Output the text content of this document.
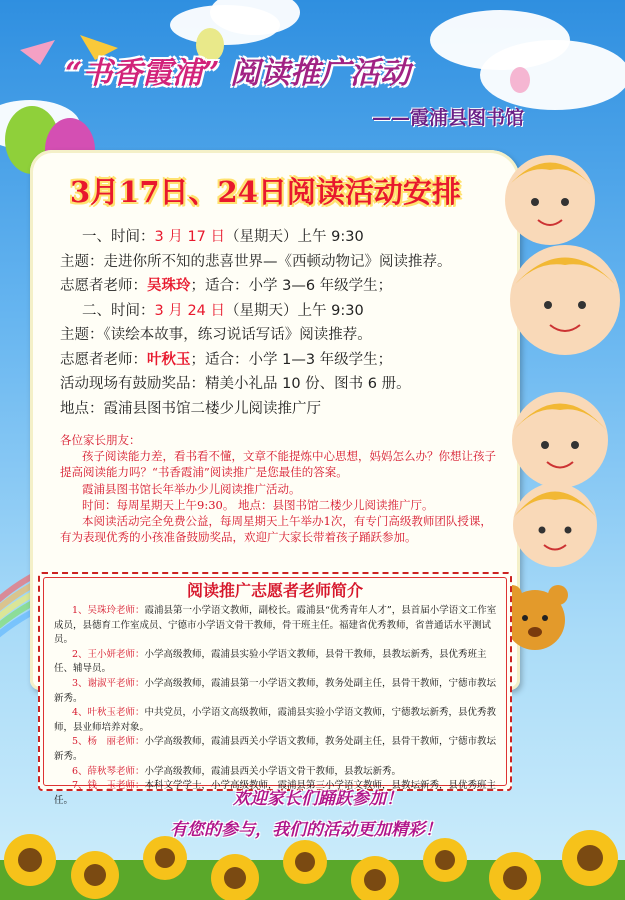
“书香霞浦” 阅读推广活动
——霞浦县图书馆
3月17日、24日阅读活动安排
一、时间：3 月 17 日（星期天）上午 9:30
主题：走进你所不知的悲喜世界—《西顿动物记》阅读推荐。
志愿者老师：吴珠玲；适合：小学 3—6 年级学生；
二、时间：3 月 24 日（星期天）上午 9:30
主题：《读绘本故事，练习说话写话》阅读推荐。
志愿者老师：叶秋玉；适合：小学 1—3 年级学生；
活动现场有鼓励奖品：精美小礼品 10 份、图书 6 册。
地点：霞浦县图书馆二楼少儿阅读推广厅
各位家长朋友：
孩子阅读能力差，看书看不懂，文章不能提炼中心思想，妈妈怎么办？你想让孩子提高阅读能力吗？“书香霞浦”阅读推广是您最佳的答案。
霞浦县图书馆长年举办少儿阅读推广活动。
时间：每周星期天上午9:30。 地点：县图书馆二楼少儿阅读推广厅。
本阅读活动完全免费公益，每周星期天上午举办1次，有专门高级教师团队授课，有为表现优秀的小孩准备鼓励奖品，欢迎广大家长带着孩子踊跃参加。
阅读推广志愿者老师简介
1、吴珠玲老师：霞浦县第一小学语文教师，副校长。霞浦县“优秀青年人才”，县首届小学语文工作室成员，县德育工作室成员、宁德市小学语文骨干教师，骨干班主任。福建省优秀教师，省普通话水平测试员。
2、王小妍老师：小学高级教师，霞浦县实验小学语文教师，县骨干教师，县教坛新秀，县优秀班主任、辅导员。
3、谢淑平老师：小学高级教师，霞浦县第一小学语文教师，教务处副主任，县骨干教师，宁德市教坛新秀。
4、叶秋玉老师：中共党员，小学语文高级教师，霞浦县实验小学语文教师，宁德教坛新秀，县优秀教师，县业师培养对象。
5、杨　丽老师：小学高级教师，霞浦县西关小学语文教师，教务处副主任，县骨干教师，宁德市教坛新秀。
6、薛秋琴老师：小学高级教师，霞浦县西关小学语文骨干教师，县教坛新秀。
7、钱　玉老师：本科文学学士，小学高级教师，霞浦县第三小学语文教师，县教坛新秀，县优秀班主任。	欢迎家长们踊跃参加！
有您的参与，我们的活动更加精彩！
